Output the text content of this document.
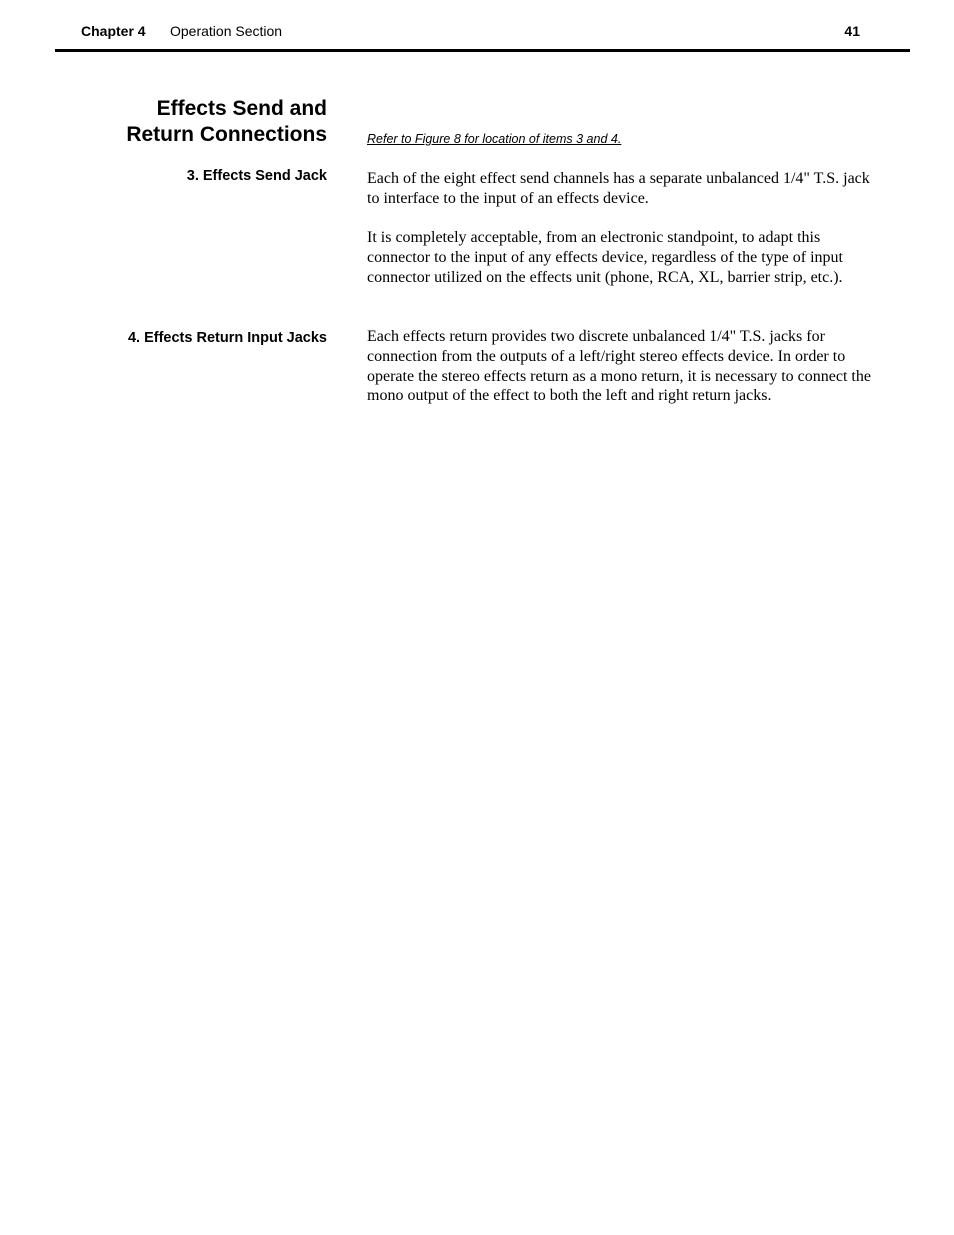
Chapter 4 Operation Section	41
Effects Send and
Return Connections	Refer to Figure 8 for location of items 3 and 4.
3. Effects Send Jack	Each of the eight effect send channels has a separate unbalanced 1/4" T.S. jack to interface to the input of an effects device.

It is completely acceptable, from an electronic standpoint, to adapt this connector to the input of any effects device, regardless of the type of input connector utilized on the effects unit (phone, RCA, XL, barrier strip, etc.).

4. Effects Return Input Jacks	Each effects return provides two discrete unbalanced 1/4" T.S. jacks for connection from the outputs of a left/right stereo effects device. In order to operate the stereo effects return as a mono return, it is necessary to connect the mono output of the effect to both the left and right return jacks.
